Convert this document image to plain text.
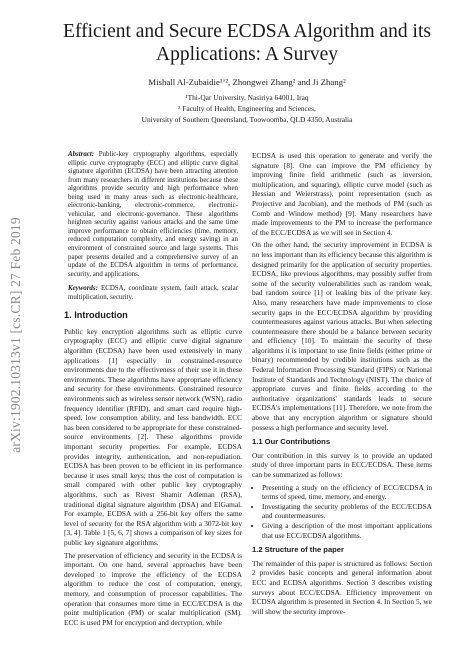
arXiv:1902.10313v1 [cs.CR] 27 Feb 2019
Efficient and Secure ECDSA Algorithm and its
Applications: A Survey
Mishall Al-Zubaidie¹ʼ², Zhongwei Zhang² and Ji Zhang²
¹Thi-Qar University, Nasiriya 64001, Iraq
² Faculty of Health, Engineering and Sciences,
University of Southern Queensland, Toowoomba, QLD 4350, Australia
Abstract: Public-key cryptography algorithms, especially elliptic curve cryptography (ECC) and elliptic curve digital signature algorithm (ECDSA) have been attracting attention from many researchers in different institutions because these algorithms provide security and high performance when being used in many areas such as electronic-healthcare, electronic-banking, electronic-commerce, electronic-vehicular, and electronic-governance. These algorithms heighten security against various attacks and the same time improve performance to obtain efficiencies (time, memory, reduced computation complexity, and energy saving) in an environment of constrained source and large systems. This paper presents detailed and a comprehensive survey of an update of the ECDSA algorithm in terms of performance, security, and applications.
Keywords: ECDSA, coordinate system, fault attack, scalar multiplication, security.
1. Introduction

Public key encryption algorithms such as elliptic curve cryptography (ECC) and elliptic curve digital signature algorithm (ECDSA) have been used extensively in many applications [1] especially in constrained-resource environments due to the effectiveness of their use it in these environments. These algorithms have appropriate efficiency and security for these environments. Constrained resource environments such as wireless sensor network (WSN), radio frequency identifier (RFID), and smart card require high-speed, low consumption ability, and less bandwidth. ECC has been considered to be appropriate for these constrained-source environments [2]. These algorithms provide important security properties. For example, ECDSA provides integrity, authentication, and non-repudiation. ECDSA has been proven to be efficient in its performance because it uses small keys; thus the cost of computation is small compared with other public key cryptography algorithms, such as Rivest Shamir Adleman (RSA), traditional digital signature algorithm (DSA) and ElGamal. For example, ECDSA with a 256-bit key offers the same level of security for the RSA algorithm with a 3072-bit key [3, 4]. Table 1 [5, 6, 7] shows a comparison of key sizes for public key signature algorithms.

The preservation of efficiency and security in the ECDSA is important. On one hand, several approaches have been developed to improve the efficiency of the ECDSA algorithm to reduce the cost of computation, energy, memory, and consumption of processor capabilities. The operation that consumes more time in ECC/ECDSA is the point multiplication (PM) or scalar multiplication (SM). ECC is used PM for encryption and decryption, while

ECDSA is used this operation to generate and verify the signature [8]. One can improve the PM efficiency by improving finite field arithmetic (such as inversion, multiplication, and squaring), elliptic curve model (such as Hessian and Weierstrass), point representation (such as Projective and Jacobian), and the methods of PM (such as Comb and Window method) [9]. Many researchers have made improvements to the PM to increase the performance of the ECC/ECDSA as we will see in Section 4.

On the other hand, the security improvement in ECDSA is no less important than its efficiency because this algorithm is designed primarily for the application of security properties. ECDSA, like previous algorithms, may possibly suffer from some of the security vulnerabilities such as random weak, bad random source [1] or leaking bits of the private key. Also, many researchers have made improvements to close security gaps in the ECC/ECDSA algorithm by providing countermeasures against various attacks. But when selecting countermeasure there should be a balance between security and efficiency [10]. To maintain the security of these algorithms it is important to use finite fields (either prime or binary) recommended by credible institutions such as the Federal Information Processing Standard (FIPS) or National Institute of Standards and Technology (NIST). The choice of appropriate curves and finite fields according to the authoritative organizations' standards leads to secure ECDSA's implementations [11]. Therefore, we note from the above that any encryption algorithm or signature should possess a high performance and security level.

1.1 Our Contributions

Our contribution in this survey is to provide an updated study of three important parts in ECC/ECDSA. These items can be summarized as follows:

• Presenting a study on the efficiency of ECC/ECDSA in terms of speed, time, memory, and energy.
• Investigating the security problems of the ECC/ECDSA and countermeasures.
• Giving a description of the most important applications that use ECC/ECDSA algorithms.
1.2 Structure of the paper

The remainder of this paper is structured as follows: Section 2 provides basic concepts and general information about ECC and ECDSA algorithms. Section 3 describes existing surveys about ECC/ECDSA. Efficiency improvement on ECDSA algorithm is presented in Section 4. In Section 5, we will show the security improve-
